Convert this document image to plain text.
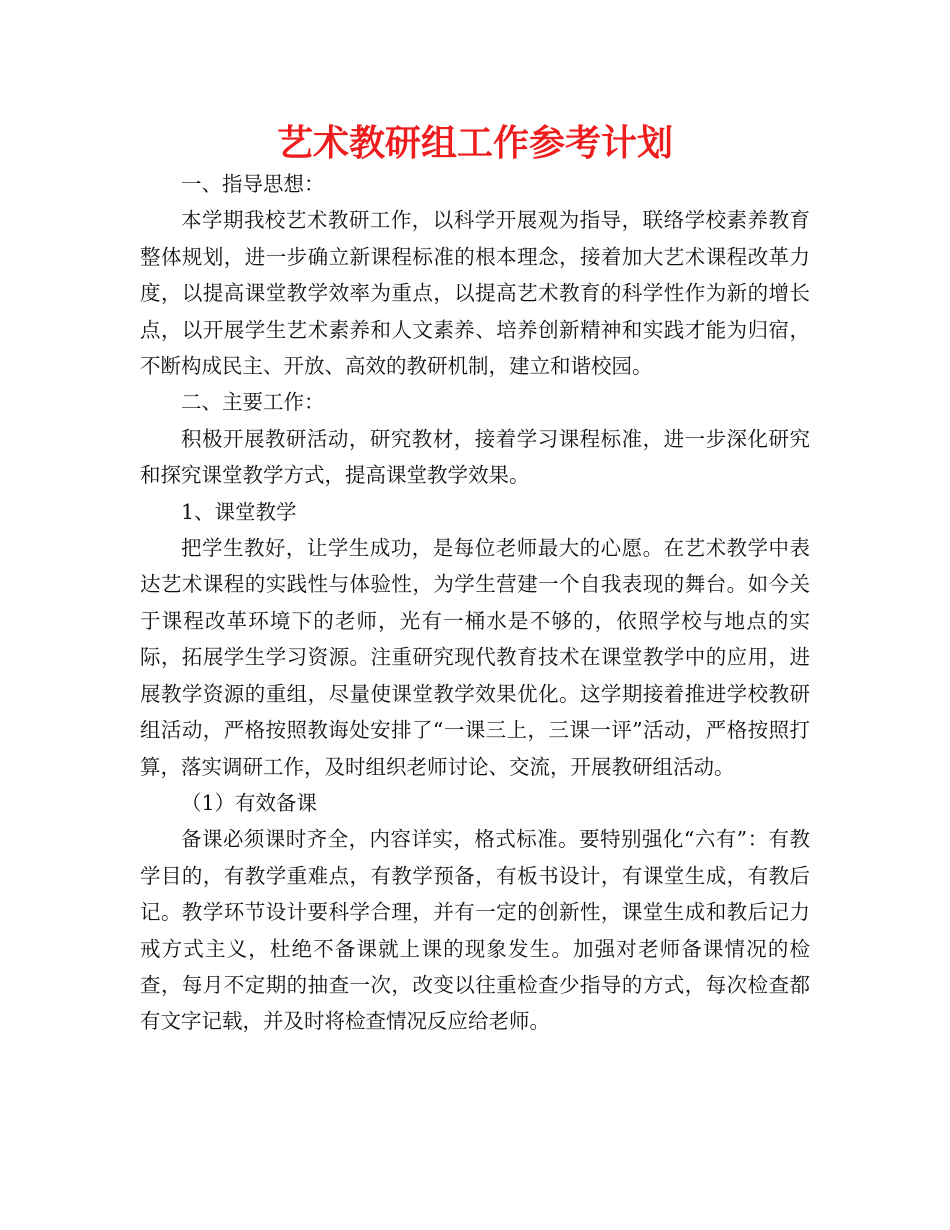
艺术教研组工作参考计划

一、指导思想：

本学期我校艺术教研工作，以科学开展观为指导，联络学校素养教育整体规划，进一步确立新课程标准的根本理念，接着加大艺术课程改革力度，以提高课堂教学效率为重点，以提高艺术教育的科学性作为新的增长点，以开展学生艺术素养和人文素养、培养创新精神和实践才能为归宿，不断构成民主、开放、高效的教研机制，建立和谐校园。

二、主要工作：

积极开展教研活动，研究教材，接着学习课程标准，进一步深化研究和探究课堂教学方式，提高课堂教学效果。

1、课堂教学

把学生教好，让学生成功，是每位老师最大的心愿。在艺术教学中表达艺术课程的实践性与体验性，为学生营建一个自我表现的舞台。如今关于课程改革环境下的老师，光有一桶水是不够的，依照学校与地点的实际，拓展学生学习资源。注重研究现代教育技术在课堂教学中的应用，进展教学资源的重组，尽量使课堂教学效果优化。这学期接着推进学校教研组活动，严格按照教诲处安排了“一课三上，三课一评”活动，严格按照打算，落实调研工作，及时组织老师讨论、交流，开展教研组活动。

（1）有效备课

备课必须课时齐全，内容详实，格式标准。要特别强化“六有”：有教学目的，有教学重难点，有教学预备，有板书设计，有课堂生成，有教后记。教学环节设计要科学合理，并有一定的创新性，课堂生成和教后记力戒方式主义，杜绝不备课就上课的现象发生。加强对老师备课情况的检查，每月不定期的抽查一次，改变以往重检查少指导的方式，每次检查都有文字记载，并及时将检查情况反应给老师。
